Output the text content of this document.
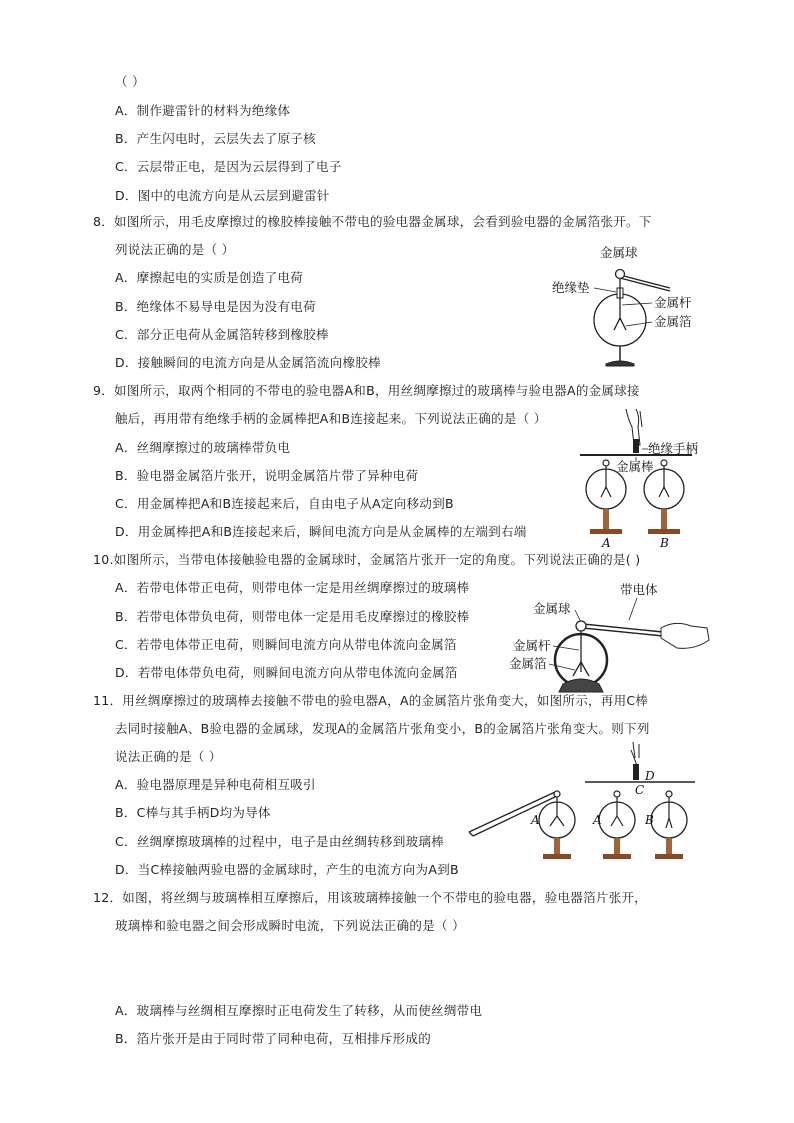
（ ）
A．制作避雷针的材料为绝缘体
B．产生闪电时，云层失去了原子核
C．云层带正电，是因为云层得到了电子
D．图中的电流方向是从云层到避雷针
8．如图所示，用毛皮摩擦过的橡胶棒接触不带电的验电器金属球，会看到验电器的金属箔张开。下
列说法正确的是（ ）
A．摩擦起电的实质是创造了电荷
B．绝缘体不易导电是因为没有电荷
C．部分正电荷从金属箔转移到橡胶棒
D．接触瞬间的电流方向是从金属箔流向橡胶棒
金属球
绝缘垫
金属杆
金属箔
9．如图所示，取两个相同的不带电的验电器A和B，用丝绸摩擦过的玻璃棒与验电器A的金属球接
触后，再用带有绝缘手柄的金属棒把A和B连接起来。下列说法正确的是（ ）
A．丝绸摩擦过的玻璃棒带负电
B．验电器金属箔片张开，说明金属箔片带了异种电荷
C．用金属棒把A和B连接起来后，自由电子从A定向移动到B
D．用金属棒把A和B连接起来后，瞬间电流方向是从金属棒的左端到右端
绝缘手柄
金属棒
A	B
10.如图所示，当带电体接触验电器的金属球时，金属箔片张开一定的角度。下列说法正确的是( )
A．若带电体带正电荷，则带电体一定是用丝绸摩擦过的玻璃棒
B．若带电体带负电荷，则带电体一定是用毛皮摩擦过的橡胶棒
C．若带电体带正电荷，则瞬间电流方向从带电体流向金属箔
D．若带电体带负电荷，则瞬间电流方向从带电体流向金属箔
带电体
金属球
金属杆
金属箔
11．用丝绸摩擦过的玻璃棒去接触不带电的验电器A，A的金属箔片张角变大，如图所示，再用C棒
去同时接触A、B验电器的金属球，发现A的金属箔片张角变小，B的金属箔片张角变大。则下列
说法正确的是（ ）
A．验电器原理是异种电荷相互吸引
B．C棒与其手柄D均为导体
C．丝绸摩擦玻璃棒的过程中，电子是由丝绸转移到玻璃棒
D．当C棒接触两验电器的金属球时，产生的电流方向为A到B
A
D
C
A	B
12．如图，将丝绸与玻璃棒相互摩擦后，用该玻璃棒接触一个不带电的验电器，验电器箔片张开，
玻璃棒和验电器之间会形成瞬时电流，下列说法正确的是（ ）
A．玻璃棒与丝绸相互摩擦时正电荷发生了转移，从而使丝绸带电
B．箔片张开是由于同时带了同种电荷，互相排斥形成的
